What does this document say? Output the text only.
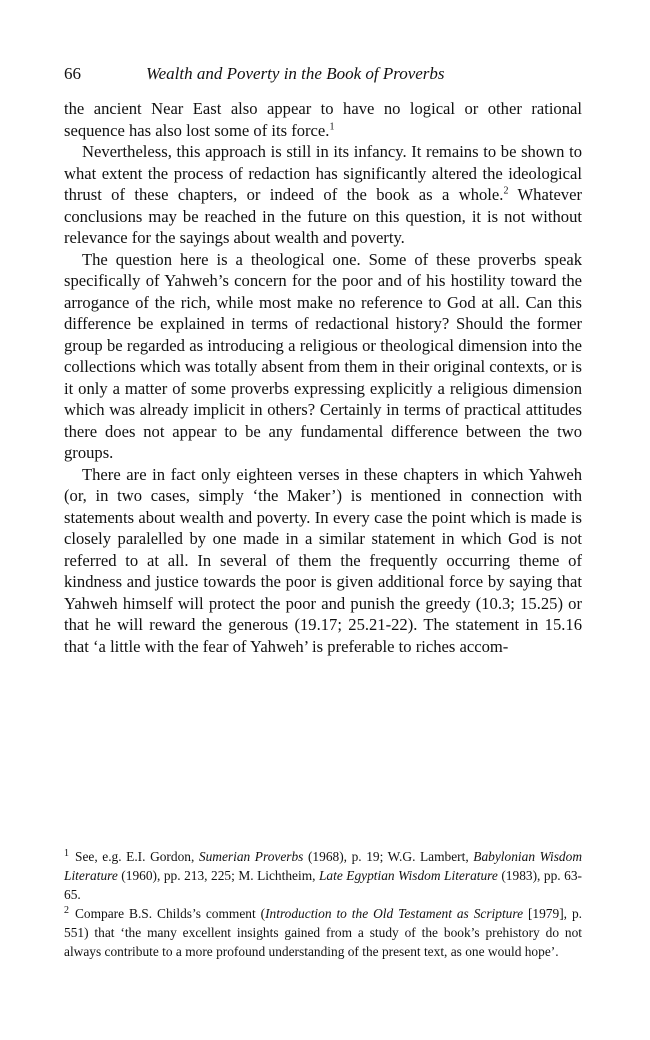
66	Wealth and Poverty in the Book of Proverbs

the ancient Near East also appear to have no logical or other rational sequence has also lost some of its force.$^1$

Nevertheless, this approach is still in its infancy. It remains to be shown to what extent the process of redaction has significantly altered the ideological thrust of these chapters, or indeed of the book as a whole.$^2$ Whatever conclusions may be reached in the future on this question, it is not without relevance for the sayings about wealth and poverty.

The question here is a theological one. Some of these proverbs speak specifically of Yahweh’s concern for the poor and of his hostility toward the arrogance of the rich, while most make no reference to God at all. Can this difference be explained in terms of redactional history? Should the former group be regarded as introducing a religious or theological dimension into the collections which was totally absent from them in their original contexts, or is it only a matter of some proverbs expressing explicitly a religious dimension which was already implicit in others? Certainly in terms of practical attitudes there does not appear to be any fundamental difference between the two groups.

There are in fact only eighteen verses in these chapters in which Yahweh (or, in two cases, simply ‘the Maker’) is mentioned in connection with statements about wealth and poverty. In every case the point which is made is closely paralelled by one made in a similar statement in which God is not referred to at all. In several of them the frequently occurring theme of kindness and justice towards the poor is given additional force by saying that Yahweh himself will protect the poor and punish the greedy (10.3; 15.25) or that he will reward the generous (19.17; 25.21-22). The statement in 15.16 that ‘a little with the fear of Yahweh’ is preferable to riches accom-

$^1$ See, e.g. E.I. Gordon, Sumerian Proverbs (1968), p. 19; W.G. Lambert, Babylonian Wisdom Literature (1960), pp. 213, 225; M. Lichtheim, Late Egyptian Wisdom Literature (1983), pp. 63-65.

$^2$ Compare B.S. Childs’s comment (Introduction to the Old Testament as Scripture [1979], p. 551) that ‘the many excellent insights gained from a study of the book’s prehistory do not always contribute to a more profound understanding of the present text, as one would hope’.
